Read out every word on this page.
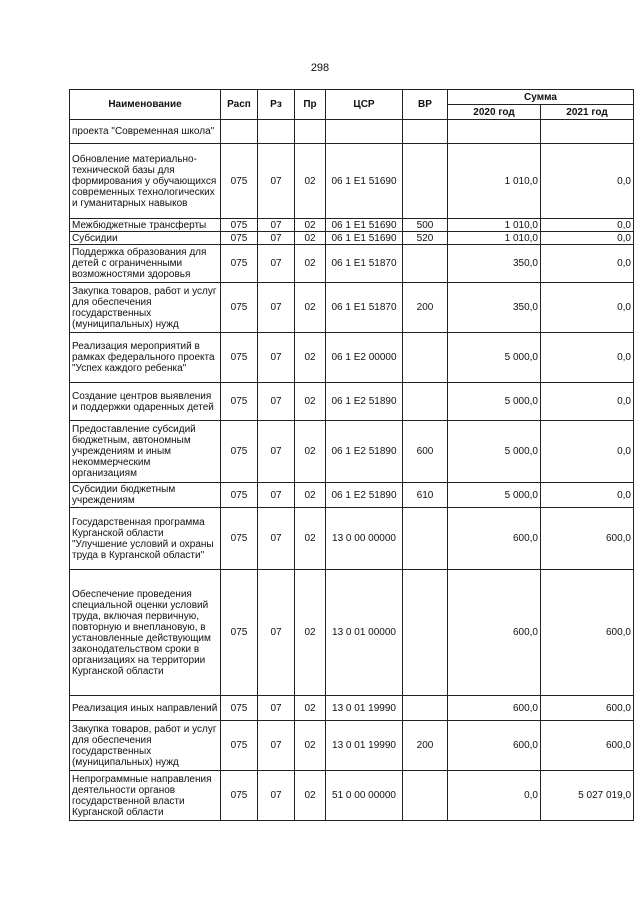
298
Наименование	Расп	Рз	Пр	ЦСР	ВР	Сумма	
						2020 год	2021 год
проекта "Современная школа"							
Обновление материально-технической базы для формирования у обучающихся современных технологических и гуманитарных навыков	075	07	02	06 1 E1 51690		1 010,0	0,0
Межбюджетные трансферты	075	07	02	06 1 E1 51690	500	1 010,0	0,0
Субсидии	075	07	02	06 1 E1 51690	520	1 010,0	0,0
Поддержка образования для детей с ограниченными возможностями здоровья	075	07	02	06 1 E1 51870		350,0	0,0
Закупка товаров, работ и услуг для обеспечения государственных (муниципальных) нужд	075	07	02	06 1 E1 51870	200	350,0	0,0
Реализация мероприятий в рамках федерального проекта "Успех каждого ребенка"	075	07	02	06 1 E2 00000		5 000,0	0,0
Создание центров выявления и поддержки одаренных детей	075	07	02	06 1 E2 51890		5 000,0	0,0
Предоставление субсидий бюджетным, автономным учреждениям и иным некоммерческим организациям	075	07	02	06 1 E2 51890	600	5 000,0	0,0
Субсидии бюджетным учреждениям	075	07	02	06 1 E2 51890	610	5 000,0	0,0
Государственная программа Курганской области "Улучшение условий и охраны труда в Курганской области"	075	07	02	13 0 00 00000		600,0	600,0
Обеспечение проведения специальной оценки условий труда, включая первичную, повторную и внеплановую, в установленные действующим законодательством сроки в организациях на территории Курганской области	075	07	02	13 0 01 00000		600,0	600,0
Реализация иных направлений	075	07	02	13 0 01 19990		600,0	600,0
Закупка товаров, работ и услуг для обеспечения государственных (муниципальных) нужд	075	07	02	13 0 01 19990	200	600,0	600,0
Непрограммные направления деятельности органов государственной власти Курганской области	075	07	02	51 0 00 00000		0,0	5 027 019,0
